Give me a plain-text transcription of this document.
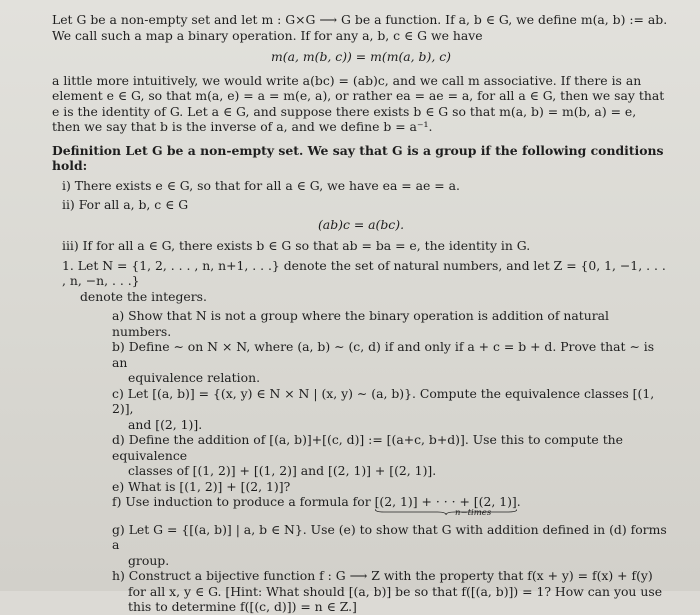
Let G be a non-empty set and let m : G×G ⟶ G be a function. If a, b ∈ G, we define m(a, b) := ab.

We call such a map a binary operation. If for any a, b, c ∈ G we have

m(a, m(b, c)) = m(m(a, b), c)

a little more intuitively, we would write a(bc) = (ab)c, and we call m associative. If there is an

element e ∈ G, so that m(a, e) = a = m(e, a), or rather ea = ae = a, for all a ∈ G, then we say that

e is the identity of G. Let a ∈ G, and suppose there exists b ∈ G so that m(a, b) = m(b, a) = e,

then we say that b is the inverse of a, and we define b = a⁻¹.

Definition Let G be a non-empty set. We say that G is a group if the following conditions hold:

i) There exists e ∈ G, so that for all a ∈ G, we have ea = ae = a.

ii) For all a, b, c ∈ G

(ab)c = a(bc).

iii) If for all a ∈ G, there exists b ∈ G so that ab = ba = e, the identity in G.

1. Let N = {1, 2, . . . , n, n+1, . . .} denote the set of natural numbers, and let Z = {0, 1, −1, . . . , n, −n, . . .}

denote the integers.

a) Show that N is not a group where the binary operation is addition of natural numbers.

b) Define ∼ on N × N, where (a, b) ∼ (c, d) if and only if a + c = b + d. Prove that ∼ is an

equivalence relation.

c) Let [(a, b)] = {(x, y) ∈ N × N | (x, y) ∼ (a, b)}. Compute the equivalence classes [(1, 2)],

and [(2, 1)].

d) Define the addition of [(a, b)]+[(c, d)] := [(a+c, b+d)]. Use this to compute the equivalence

classes of [(1, 2)] + [(1, 2)] and [(2, 1)] + [(2, 1)].

e) What is [(1, 2)] + [(2, 1)]?

f) Use induction to produce a formula for [(2, 1)] + · · · + [(2, 1)]
.

n−times

g) Let G = {[(a, b)] | a, b ∈ N}. Use (e) to show that G with addition defined in (d) forms a

group.

h) Construct a bijective function f : G ⟶ Z with the property that f(x + y) = f(x) + f(y)

for all x, y ∈ G. [Hint: What should [(a, b)] be so that f([(a, b)]) = 1? How can you use

this to determine f([(c, d)]) = n ∈ Z.]
